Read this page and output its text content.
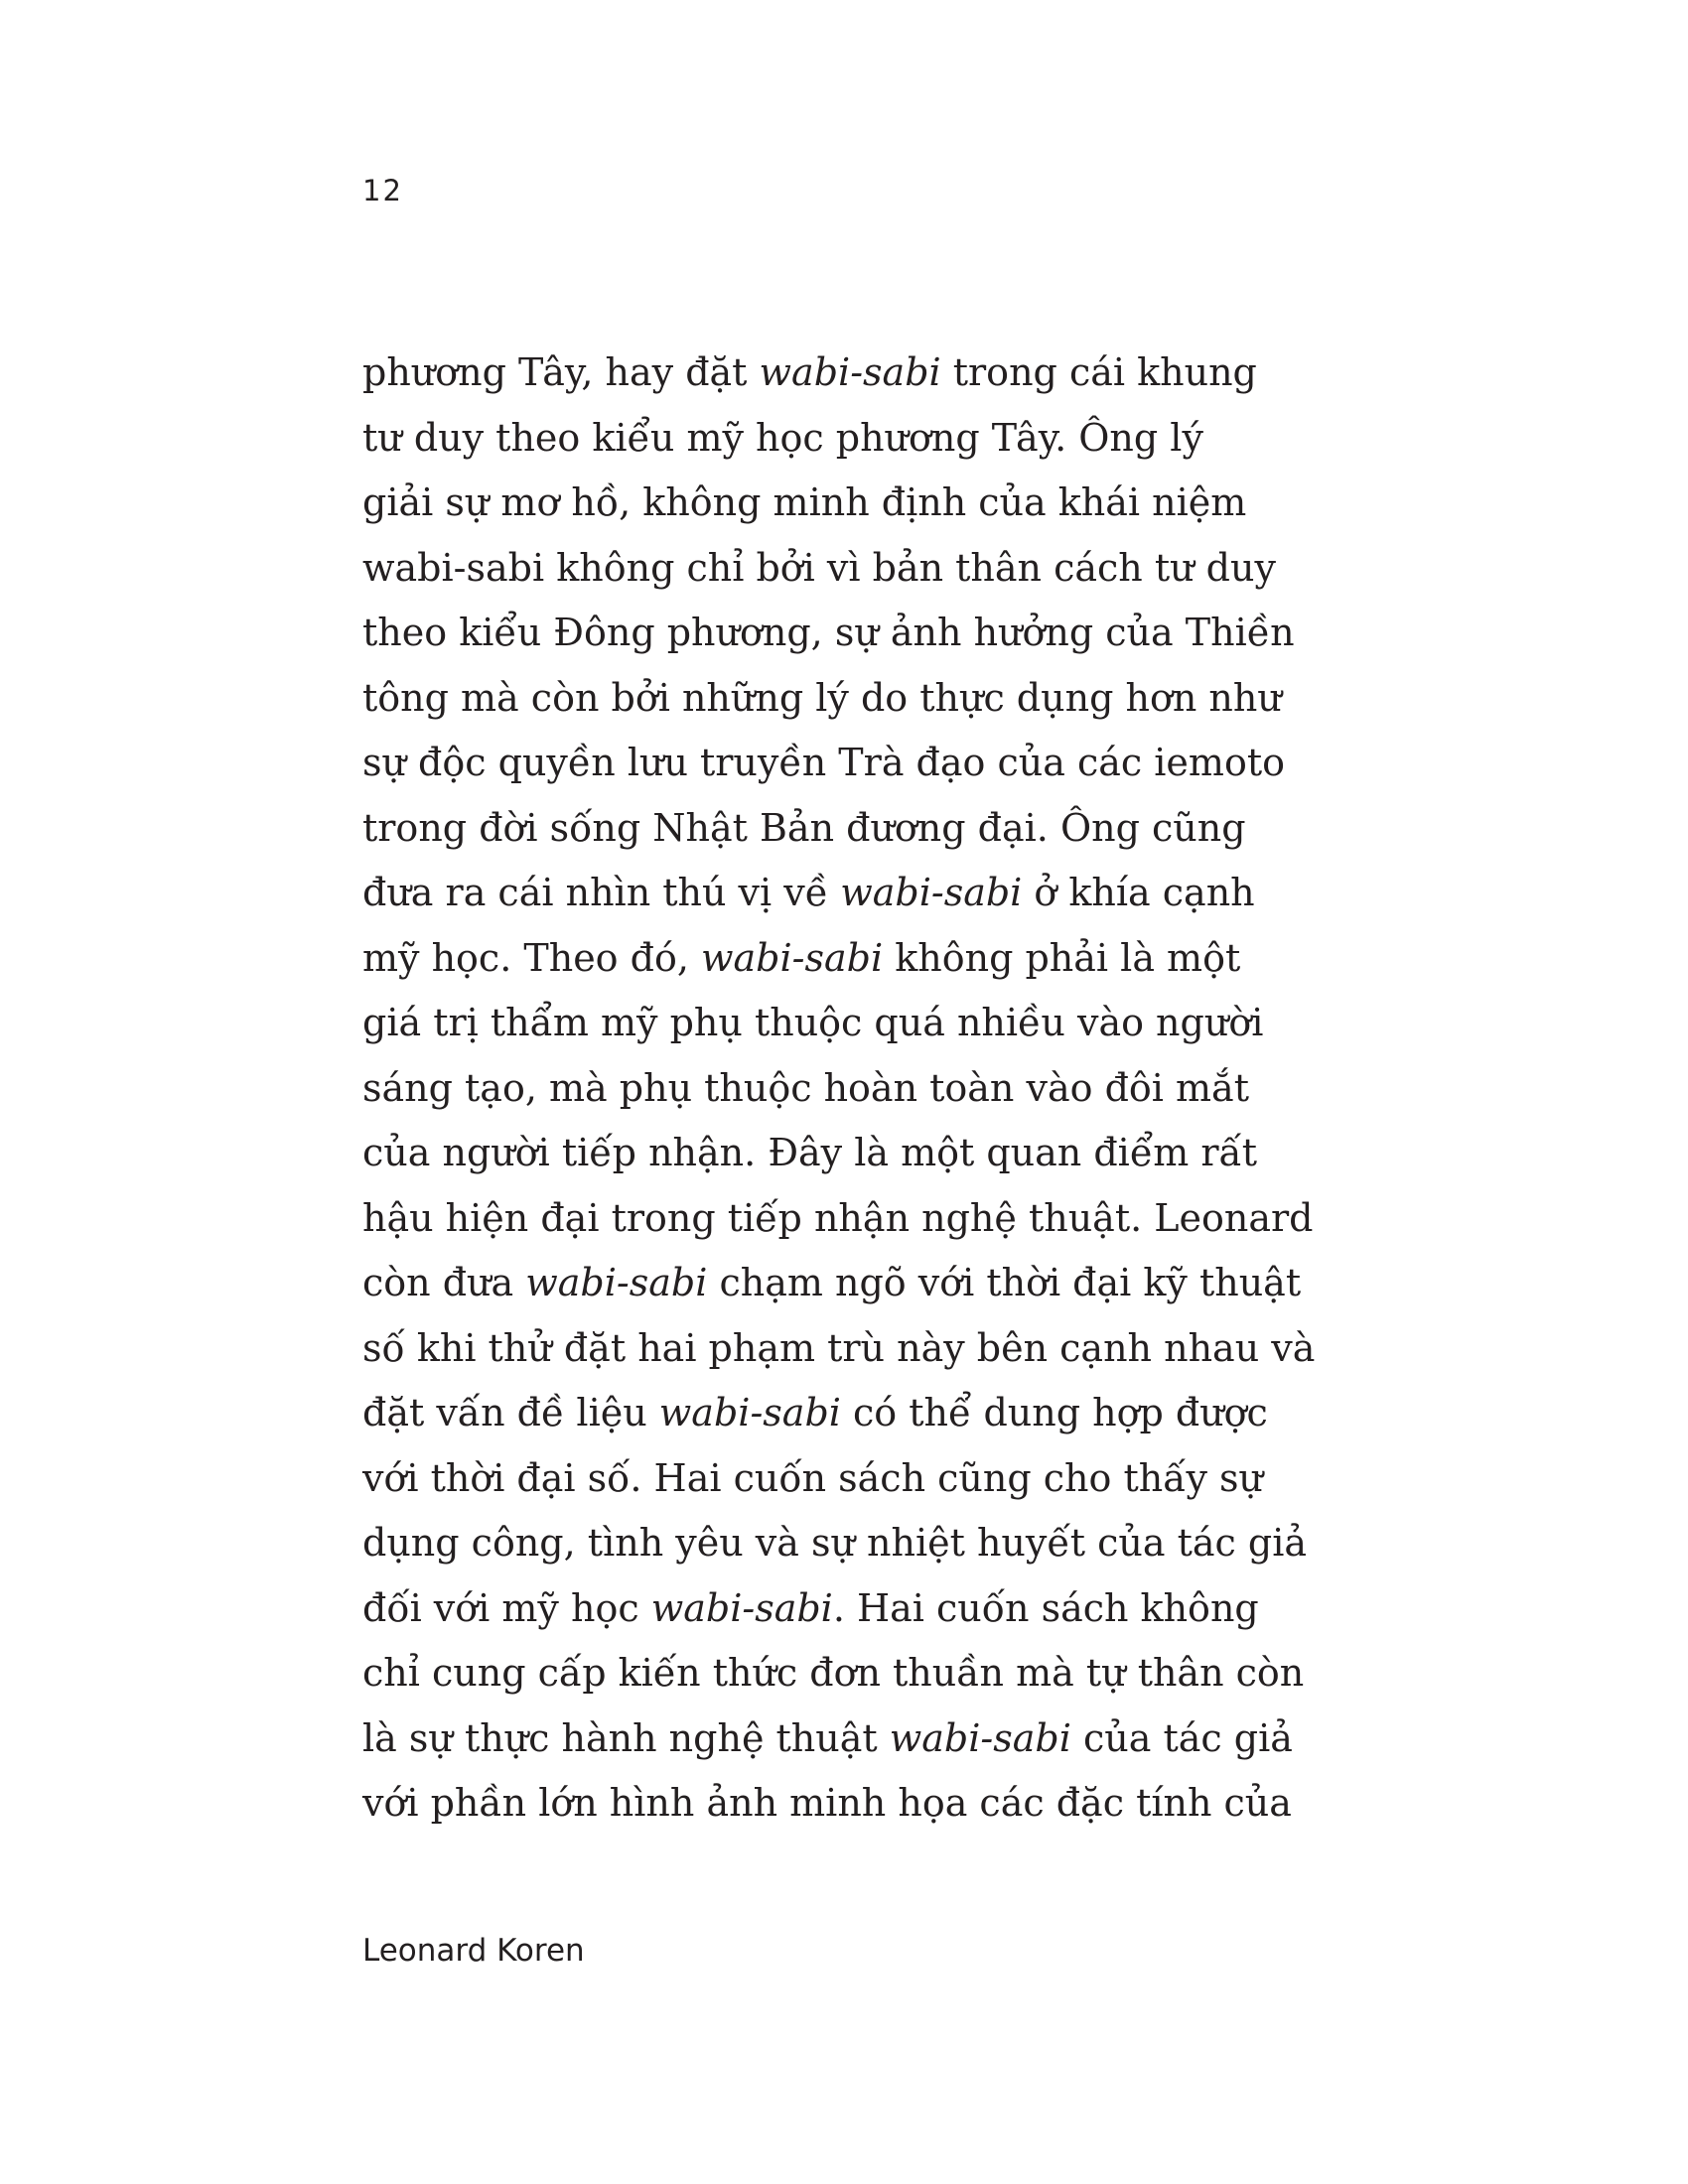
12
phương Tây, hay đặt wabi-sabi trong cái khung
tư duy theo kiểu mỹ học phương Tây. Ông lý
giải sự mơ hồ, không minh định của khái niệm
wabi-sabi không chỉ bởi vì bản thân cách tư duy
theo kiểu Đông phương, sự ảnh hưởng của Thiền
tông mà còn bởi những lý do thực dụng hơn như
sự độc quyền lưu truyền Trà đạo của các iemoto
trong đời sống Nhật Bản đương đại. Ông cũng
đưa ra cái nhìn thú vị về wabi-sabi ở khía cạnh
mỹ học. Theo đó, wabi-sabi không phải là một
giá trị thẩm mỹ phụ thuộc quá nhiều vào người
sáng tạo, mà phụ thuộc hoàn toàn vào đôi mắt
của người tiếp nhận. Đây là một quan điểm rất
hậu hiện đại trong tiếp nhận nghệ thuật. Leonard
còn đưa wabi-sabi chạm ngõ với thời đại kỹ thuật
số khi thử đặt hai phạm trù này bên cạnh nhau và
đặt vấn đề liệu wabi-sabi có thể dung hợp được
với thời đại số. Hai cuốn sách cũng cho thấy sự
dụng công, tình yêu và sự nhiệt huyết của tác giả
đối với mỹ học wabi-sabi. Hai cuốn sách không
chỉ cung cấp kiến thức đơn thuần mà tự thân còn
là sự thực hành nghệ thuật wabi-sabi của tác giả
với phần lớn hình ảnh minh họa các đặc tính của
Leonard Koren
